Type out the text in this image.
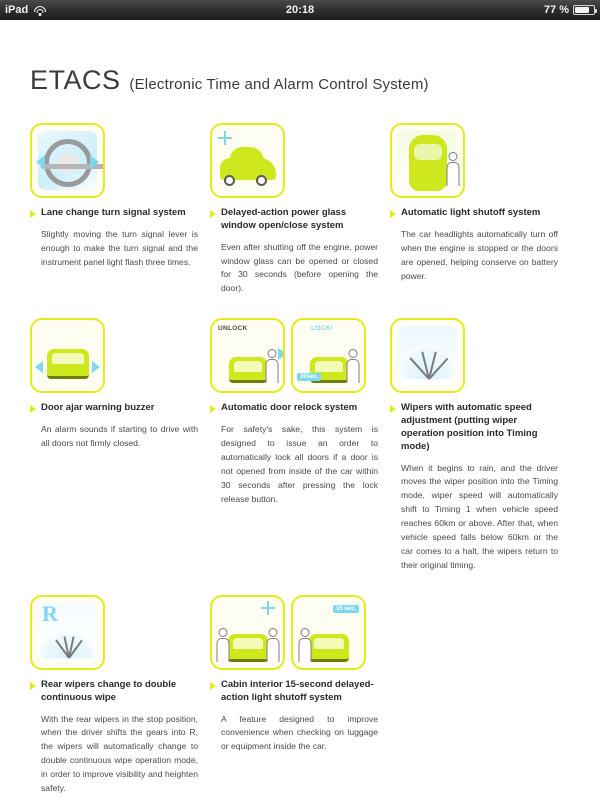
iPad	20:18	77 %
ETACS (Electronic Time and Alarm Control System)
Lane change turn signal system
Slightly moving the turn signal lever is enough to make the turn signal and the instrument panel light flash three times.
Delayed-action power glass window open/close system
Even after shutting off the engine, power window glass can be opened or closed for 30 seconds (before opening the door).
Automatic light shutoff system
The car headlights automatically turn off when the engine is stopped or the doors are opened, helping conserve on battery power.
Door ajar warning buzzer
An alarm sounds if starting to drive with all doors not firmly closed.
UNLOCK	LOCK!
30sec.
Automatic door relock system
For safety's sake, this system is designed to issue an order to automatically lock all doors if a door is not opened from inside of the car within 30 seconds after pressing the lock release button.
Wipers with automatic speed adjustment (putting wiper operation position into Timing mode)
When it begins to rain, and the driver moves the wiper position into the Timing mode, wiper speed will automatically shift to Timing 1 when vehicle speed reaches 60km or above. After that, when vehicle speed falls below 60km or the car comes to a halt, the wipers return to their original timing.
R
Rear wipers change to double continuous wipe
With the rear wipers in the stop position, when the driver shifts the gears into R, the wipers will automatically change to double continuous wipe operation mode, in order to improve visibility and heighten safety.
15 sec.
Cabin interior 15-second delayed-action light shutoff system
A feature designed to improve convenience when checking on luggage or equipment inside the car.
